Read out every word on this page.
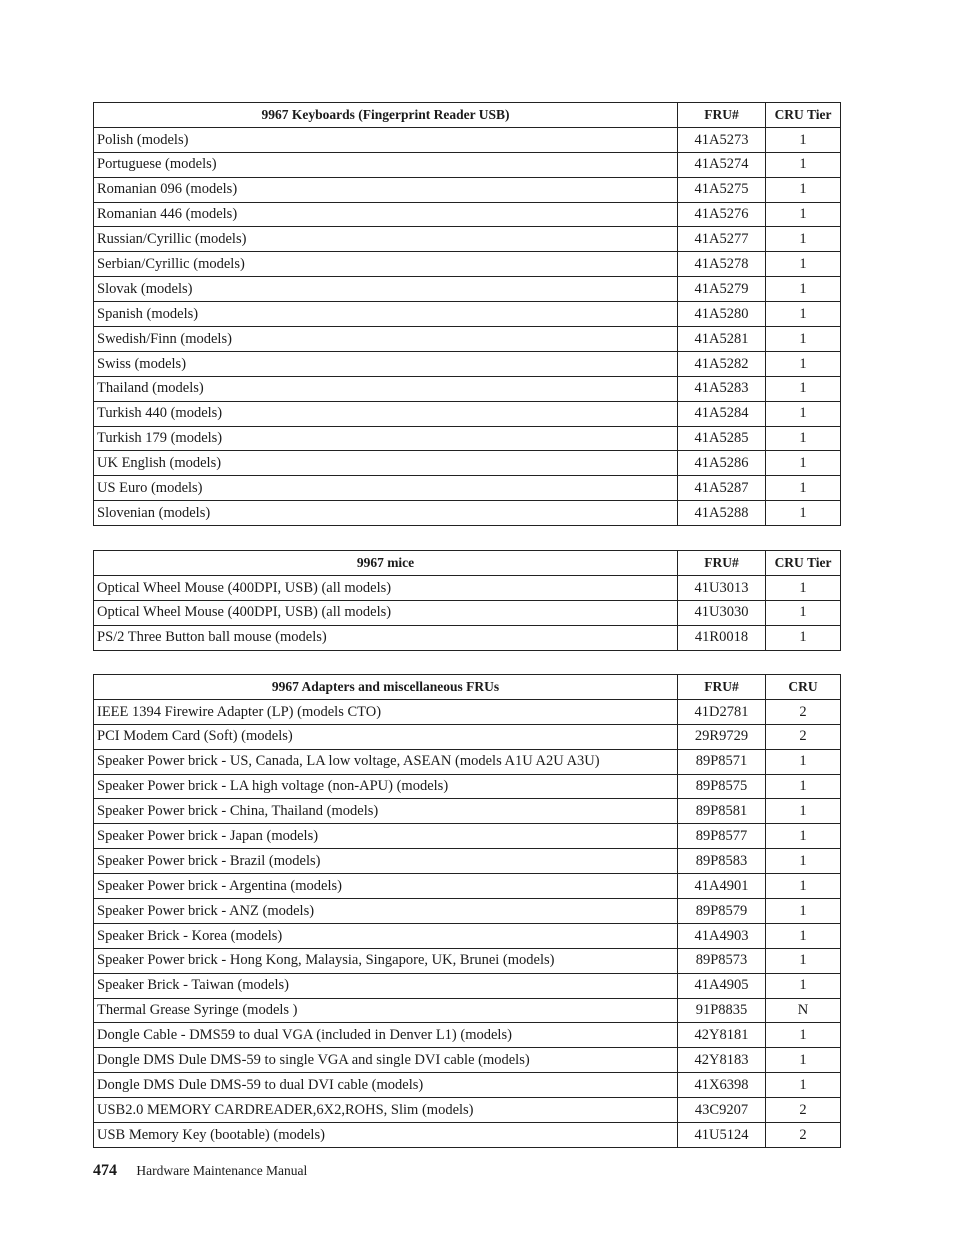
9967 Keyboards (Fingerprint Reader USB)	FRU#	CRU Tier
Polish (models)	41A5273	1
Portuguese (models)	41A5274	1
Romanian 096 (models)	41A5275	1
Romanian 446 (models)	41A5276	1
Russian/Cyrillic (models)	41A5277	1
Serbian/Cyrillic (models)	41A5278	1
Slovak (models)	41A5279	1
Spanish (models)	41A5280	1
Swedish/Finn (models)	41A5281	1
Swiss (models)	41A5282	1
Thailand (models)	41A5283	1
Turkish 440 (models)	41A5284	1
Turkish 179 (models)	41A5285	1
UK English (models)	41A5286	1
US Euro (models)	41A5287	1
Slovenian (models)	41A5288	1
9967 mice	FRU#	CRU Tier
Optical Wheel Mouse (400DPI, USB) (all models)	41U3013	1
Optical Wheel Mouse (400DPI, USB) (all models)	41U3030	1
PS/2 Three Button ball mouse (models)	41R0018	1
9967 Adapters and miscellaneous FRUs	FRU#	CRU
IEEE 1394 Firewire Adapter (LP) (models CTO)	41D2781	2
PCI Modem Card (Soft) (models)	29R9729	2
Speaker Power brick - US, Canada, LA low voltage, ASEAN (models A1U A2U A3U)	89P8571	1
Speaker Power brick - LA high voltage (non-APU) (models)	89P8575	1
Speaker Power brick - China, Thailand (models)	89P8581	1
Speaker Power brick - Japan (models)	89P8577	1
Speaker Power brick - Brazil (models)	89P8583	1
Speaker Power brick - Argentina (models)	41A4901	1
Speaker Power brick - ANZ (models)	89P8579	1
Speaker Brick - Korea (models)	41A4903	1
Speaker Power brick - Hong Kong, Malaysia, Singapore, UK, Brunei (models)	89P8573	1
Speaker Brick - Taiwan (models)	41A4905	1
Thermal Grease Syringe (models )	91P8835	N
Dongle Cable - DMS59 to dual VGA (included in Denver L1) (models)	42Y8181	1
Dongle DMS Dule DMS-59 to single VGA and single DVI cable (models)	42Y8183	1
Dongle DMS Dule DMS-59 to dual DVI cable (models)	41X6398	1
USB2.0 MEMORY CARDREADER,6X2,ROHS, Slim (models)	43C9207	2
USB Memory Key (bootable) (models)	41U5124	2
474 Hardware Maintenance Manual
